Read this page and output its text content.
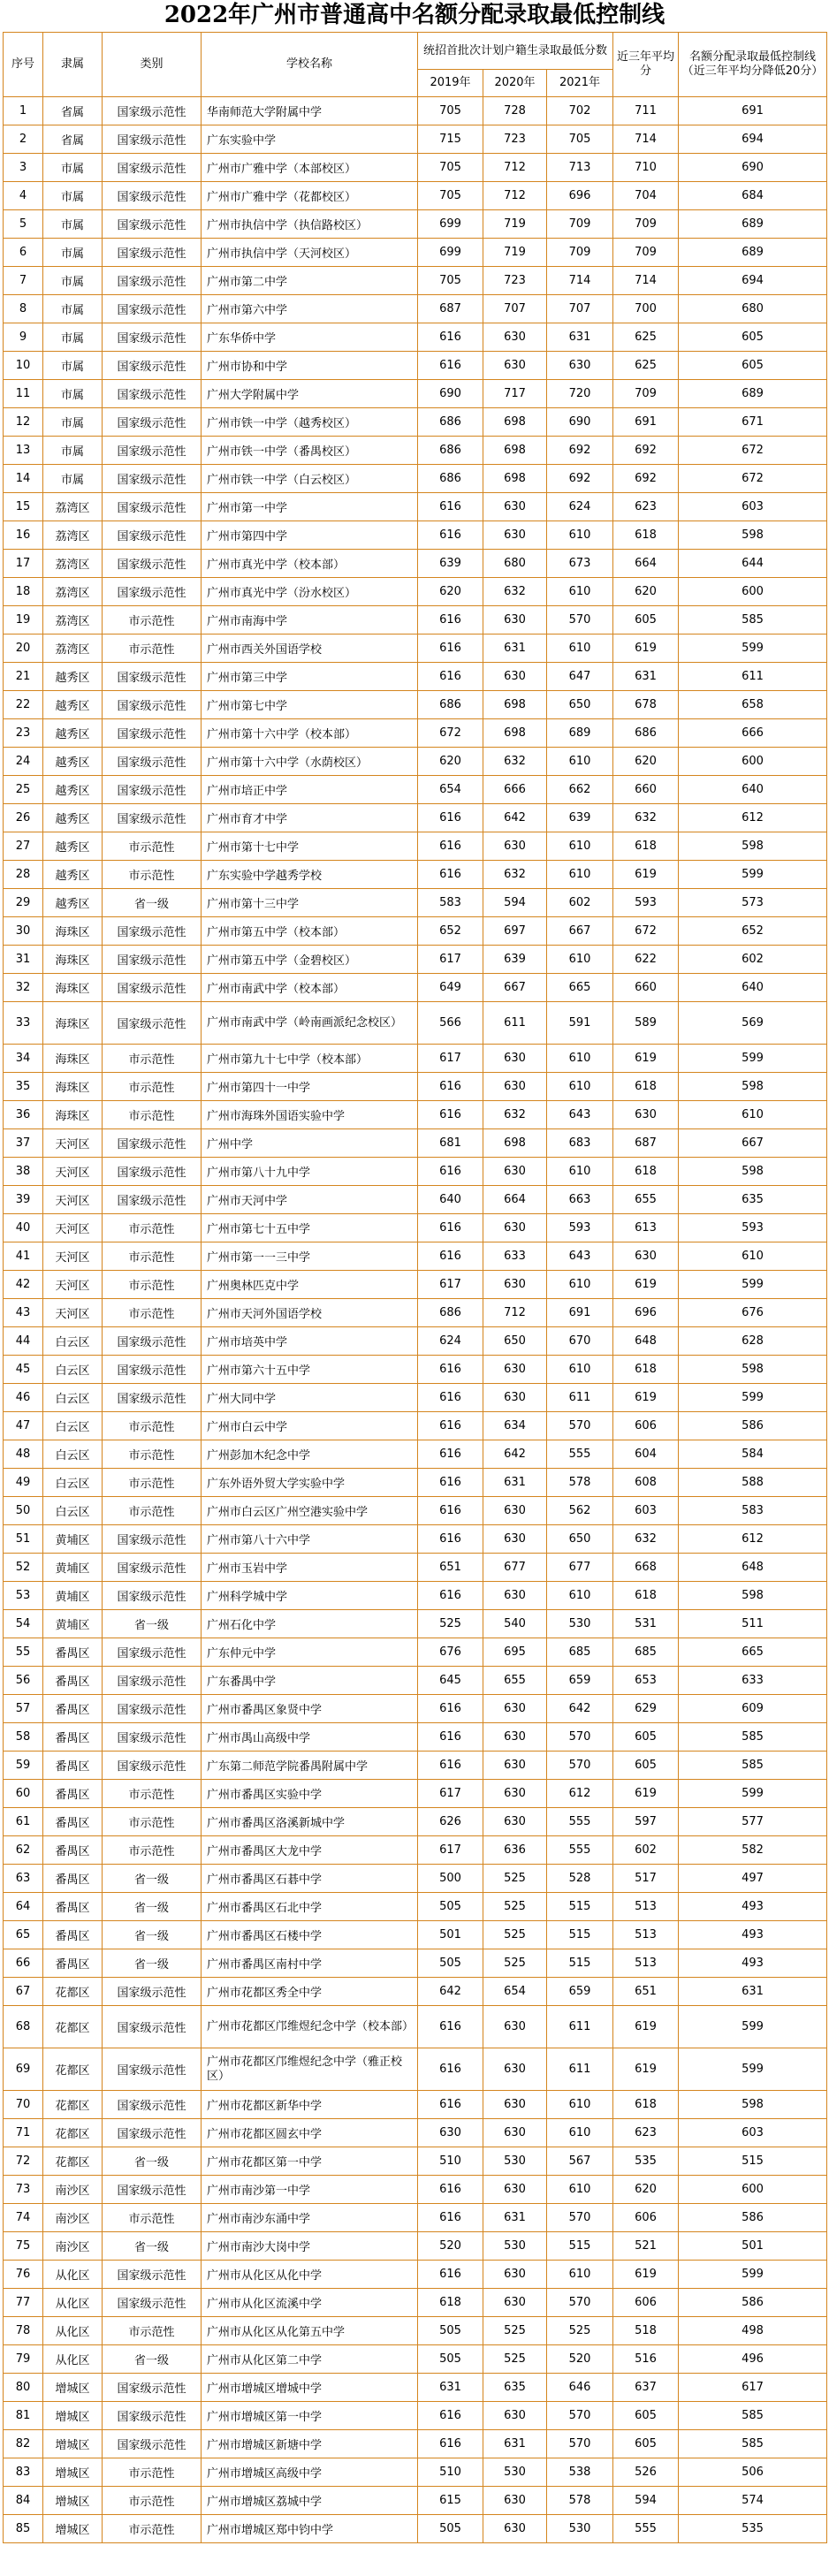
2022年广州市普通高中名额分配录取最低控制线
序号	隶属	类别	学校名称	统招首批次计划户籍生录取最低分数			近三年平均分	名额分配录取最低控制线（近三年平均分降低20分）
				2019年	2020年	2021年		
1	省属	国家级示范性	华南师范大学附属中学	705	728	702	711	691
2	省属	国家级示范性	广东实验中学	715	723	705	714	694
3	市属	国家级示范性	广州市广雅中学（本部校区）	705	712	713	710	690
4	市属	国家级示范性	广州市广雅中学（花都校区）	705	712	696	704	684
5	市属	国家级示范性	广州市执信中学（执信路校区）	699	719	709	709	689
6	市属	国家级示范性	广州市执信中学（天河校区）	699	719	709	709	689
7	市属	国家级示范性	广州市第二中学	705	723	714	714	694
8	市属	国家级示范性	广州市第六中学	687	707	707	700	680
9	市属	国家级示范性	广东华侨中学	616	630	631	625	605
10	市属	国家级示范性	广州市协和中学	616	630	630	625	605
11	市属	国家级示范性	广州大学附属中学	690	717	720	709	689
12	市属	国家级示范性	广州市铁一中学（越秀校区）	686	698	690	691	671
13	市属	国家级示范性	广州市铁一中学（番禺校区）	686	698	692	692	672
14	市属	国家级示范性	广州市铁一中学（白云校区）	686	698	692	692	672
15	荔湾区	国家级示范性	广州市第一中学	616	630	624	623	603
16	荔湾区	国家级示范性	广州市第四中学	616	630	610	618	598
17	荔湾区	国家级示范性	广州市真光中学（校本部）	639	680	673	664	644
18	荔湾区	国家级示范性	广州市真光中学（汾水校区）	620	632	610	620	600
19	荔湾区	市示范性	广州市南海中学	616	630	570	605	585
20	荔湾区	市示范性	广州市西关外国语学校	616	631	610	619	599
21	越秀区	国家级示范性	广州市第三中学	616	630	647	631	611
22	越秀区	国家级示范性	广州市第七中学	686	698	650	678	658
23	越秀区	国家级示范性	广州市第十六中学（校本部）	672	698	689	686	666
24	越秀区	国家级示范性	广州市第十六中学（水荫校区）	620	632	610	620	600
25	越秀区	国家级示范性	广州市培正中学	654	666	662	660	640
26	越秀区	国家级示范性	广州市育才中学	616	642	639	632	612
27	越秀区	市示范性	广州市第十七中学	616	630	610	618	598
28	越秀区	市示范性	广东实验中学越秀学校	616	632	610	619	599
29	越秀区	省一级	广州市第十三中学	583	594	602	593	573
30	海珠区	国家级示范性	广州市第五中学（校本部）	652	697	667	672	652
31	海珠区	国家级示范性	广州市第五中学（金碧校区）	617	639	610	622	602
32	海珠区	国家级示范性	广州市南武中学（校本部）	649	667	665	660	640
33	海珠区	国家级示范性	广州市南武中学（岭南画派纪念校区）	566	611	591	589	569
34	海珠区	市示范性	广州市第九十七中学（校本部）	617	630	610	619	599
35	海珠区	市示范性	广州市第四十一中学	616	630	610	618	598
36	海珠区	市示范性	广州市海珠外国语实验中学	616	632	643	630	610
37	天河区	国家级示范性	广州中学	681	698	683	687	667
38	天河区	国家级示范性	广州市第八十九中学	616	630	610	618	598
39	天河区	国家级示范性	广州市天河中学	640	664	663	655	635
40	天河区	市示范性	广州市第七十五中学	616	630	593	613	593
41	天河区	市示范性	广州市第一一三中学	616	633	643	630	610
42	天河区	市示范性	广州奥林匹克中学	617	630	610	619	599
43	天河区	市示范性	广州市天河外国语学校	686	712	691	696	676
44	白云区	国家级示范性	广州市培英中学	624	650	670	648	628
45	白云区	国家级示范性	广州市第六十五中学	616	630	610	618	598
46	白云区	国家级示范性	广州大同中学	616	630	611	619	599
47	白云区	市示范性	广州市白云中学	616	634	570	606	586
48	白云区	市示范性	广州彭加木纪念中学	616	642	555	604	584
49	白云区	市示范性	广东外语外贸大学实验中学	616	631	578	608	588
50	白云区	市示范性	广州市白云区广州空港实验中学	616	630	562	603	583
51	黄埔区	国家级示范性	广州市第八十六中学	616	630	650	632	612
52	黄埔区	国家级示范性	广州市玉岩中学	651	677	677	668	648
53	黄埔区	国家级示范性	广州科学城中学	616	630	610	618	598
54	黄埔区	省一级	广州石化中学	525	540	530	531	511
55	番禺区	国家级示范性	广东仲元中学	676	695	685	685	665
56	番禺区	国家级示范性	广东番禺中学	645	655	659	653	633
57	番禺区	国家级示范性	广州市番禺区象贤中学	616	630	642	629	609
58	番禺区	国家级示范性	广州市禺山高级中学	616	630	570	605	585
59	番禺区	国家级示范性	广东第二师范学院番禺附属中学	616	630	570	605	585
60	番禺区	市示范性	广州市番禺区实验中学	617	630	612	619	599
61	番禺区	市示范性	广州市番禺区洛溪新城中学	626	630	555	597	577
62	番禺区	市示范性	广州市番禺区大龙中学	617	636	555	602	582
63	番禺区	省一级	广州市番禺区石碁中学	500	525	528	517	497
64	番禺区	省一级	广州市番禺区石北中学	505	525	515	513	493
65	番禺区	省一级	广州市番禺区石楼中学	501	525	515	513	493
66	番禺区	省一级	广州市番禺区南村中学	505	525	515	513	493
67	花都区	国家级示范性	广州市花都区秀全中学	642	654	659	651	631
68	花都区	国家级示范性	广州市花都区邝维煜纪念中学（校本部）	616	630	611	619	599
69	花都区	国家级示范性	广州市花都区邝维煜纪念中学（雅正校区）	616	630	611	619	599
70	花都区	国家级示范性	广州市花都区新华中学	616	630	610	618	598
71	花都区	国家级示范性	广州市花都区圆玄中学	630	630	610	623	603
72	花都区	省一级	广州市花都区第一中学	510	530	567	535	515
73	南沙区	国家级示范性	广州市南沙第一中学	616	630	610	620	600
74	南沙区	市示范性	广州市南沙东涌中学	616	631	570	606	586
75	南沙区	省一级	广州市南沙大岗中学	520	530	515	521	501
76	从化区	国家级示范性	广州市从化区从化中学	616	630	610	619	599
77	从化区	国家级示范性	广州市从化区流溪中学	618	630	570	606	586
78	从化区	市示范性	广州市从化区从化第五中学	505	525	525	518	498
79	从化区	省一级	广州市从化区第二中学	505	525	520	516	496
80	增城区	国家级示范性	广州市增城区增城中学	631	635	646	637	617
81	增城区	国家级示范性	广州市增城区第一中学	616	630	570	605	585
82	增城区	国家级示范性	广州市增城区新塘中学	616	631	570	605	585
83	增城区	市示范性	广州市增城区高级中学	510	530	538	526	506
84	增城区	市示范性	广州市增城区荔城中学	615	630	578	594	574
85	增城区	市示范性	广州市增城区郑中钧中学	505	630	530	555	535
